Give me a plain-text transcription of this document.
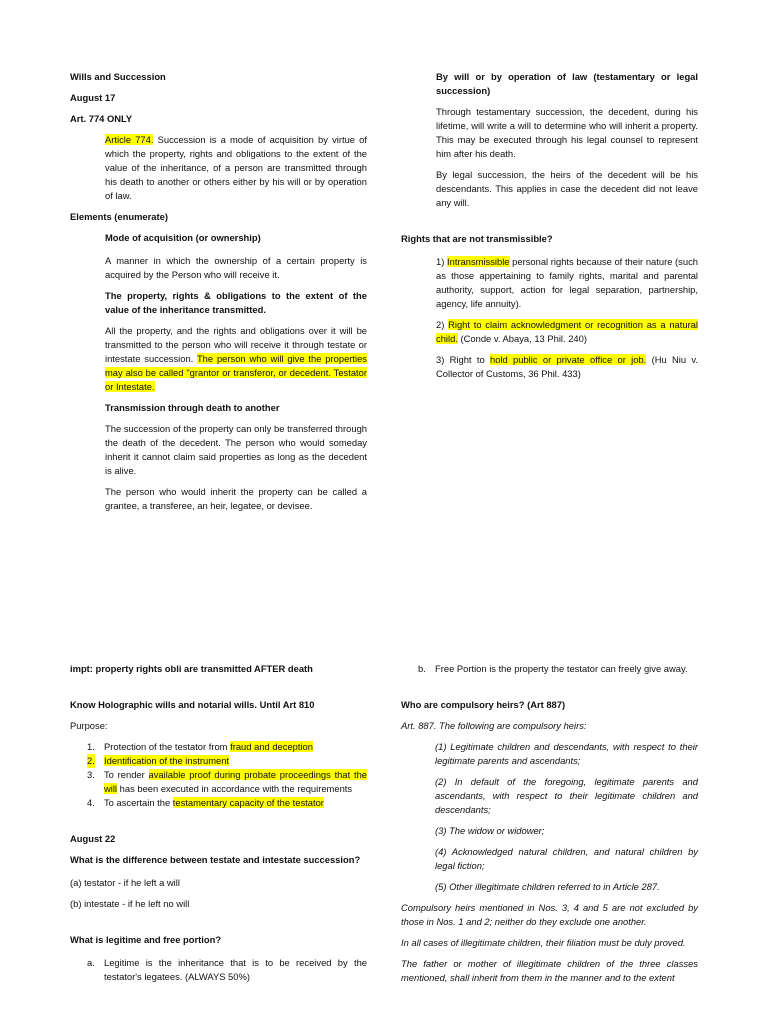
Wills and Succession

August 17

Art. 774 ONLY

Article 774. Succession is a mode of acquisition by virtue of which the property, rights and obligations to the extent of the value of the inheritance, of a person are transmitted through his death to another or others either by his will or by operation of law.

Elements (enumerate)

Mode of acquisition (or ownership)

A manner in which the ownership of a certain property is acquired by the Person who will receive it.

The property, rights & obligations to the extent of the value of the inheritance transmitted.

All the property, and the rights and obligations over it will be transmitted to the person who will receive it through testate or intestate succession. The person who will give the properties may also be called "grantor or transferor, or decedent. Testator or Intestate.

Transmission through death to another

The succession of the property can only be transferred through the death of the decedent. The person who would someday inherit it cannot claim said properties as long as the decedent is alive.

The person who would inherit the property can be called a grantee, a transferee, an heir, legatee, or devisee.

By will or by operation of law (testamentary or legal succession)

Through testamentary succession, the decedent, during his lifetime, will write a will to determine who will inherit a property. This may be executed through his legal counsel to represent him after his death.

By legal succession, the heirs of the decedent will be his descendants. This applies in case the decedent did not leave any will.

Rights that are not transmissible?

1) Intransmissible personal rights because of their nature (such as those appertaining to family rights, marital and parental authority, support, action for legal separation, partnership, agency, life annuity).

2) Right to claim acknowledgment or recognition as a natural child. (Conde v. Abaya, 13 Phil. 240)

3) Right to hold public or private office or job. (Hu Niu v. Collector of Customs, 36 Phil. 433)

impt: property rights obli are transmitted AFTER death

Know Holographic wills and notarial wills. Until Art 810

Purpose:

1. Protection of the testator from fraud and deception
2. Identification of the instrument
3. To render available proof during probate proceedings that the will has been executed in accordance with the requirements
4. To ascertain the testamentary capacity of the testator

August 22

What is the difference between testate and intestate succession?

(a) testator - if he left a will

(b) intestate - if he left no will

What is legitime and free portion?

a. Legitime is the inheritance that is to be received by the testator's legatees. (ALWAYS 50%)
b. Free Portion is the property the testator can freely give away.

Who are compulsory heirs? (Art 887)

Art. 887. The following are compulsory heirs:

(1) Legitimate children and descendants, with respect to their legitimate parents and ascendants;

(2) In default of the foregoing, legitimate parents and ascendants, with respect to their legitimate children and descendants;

(3) The widow or widower;

(4) Acknowledged natural children, and natural children by legal fiction;

(5) Other illegitimate children referred to in Article 287.

Compulsory heirs mentioned in Nos. 3, 4 and 5 are not excluded by those in Nos. 1 and 2; neither do they exclude one another.

In all cases of illegitimate children, their filiation must be duly proved.

The father or mother of illegitimate children of the three classes mentioned, shall inherit from them in the manner and to the extent
